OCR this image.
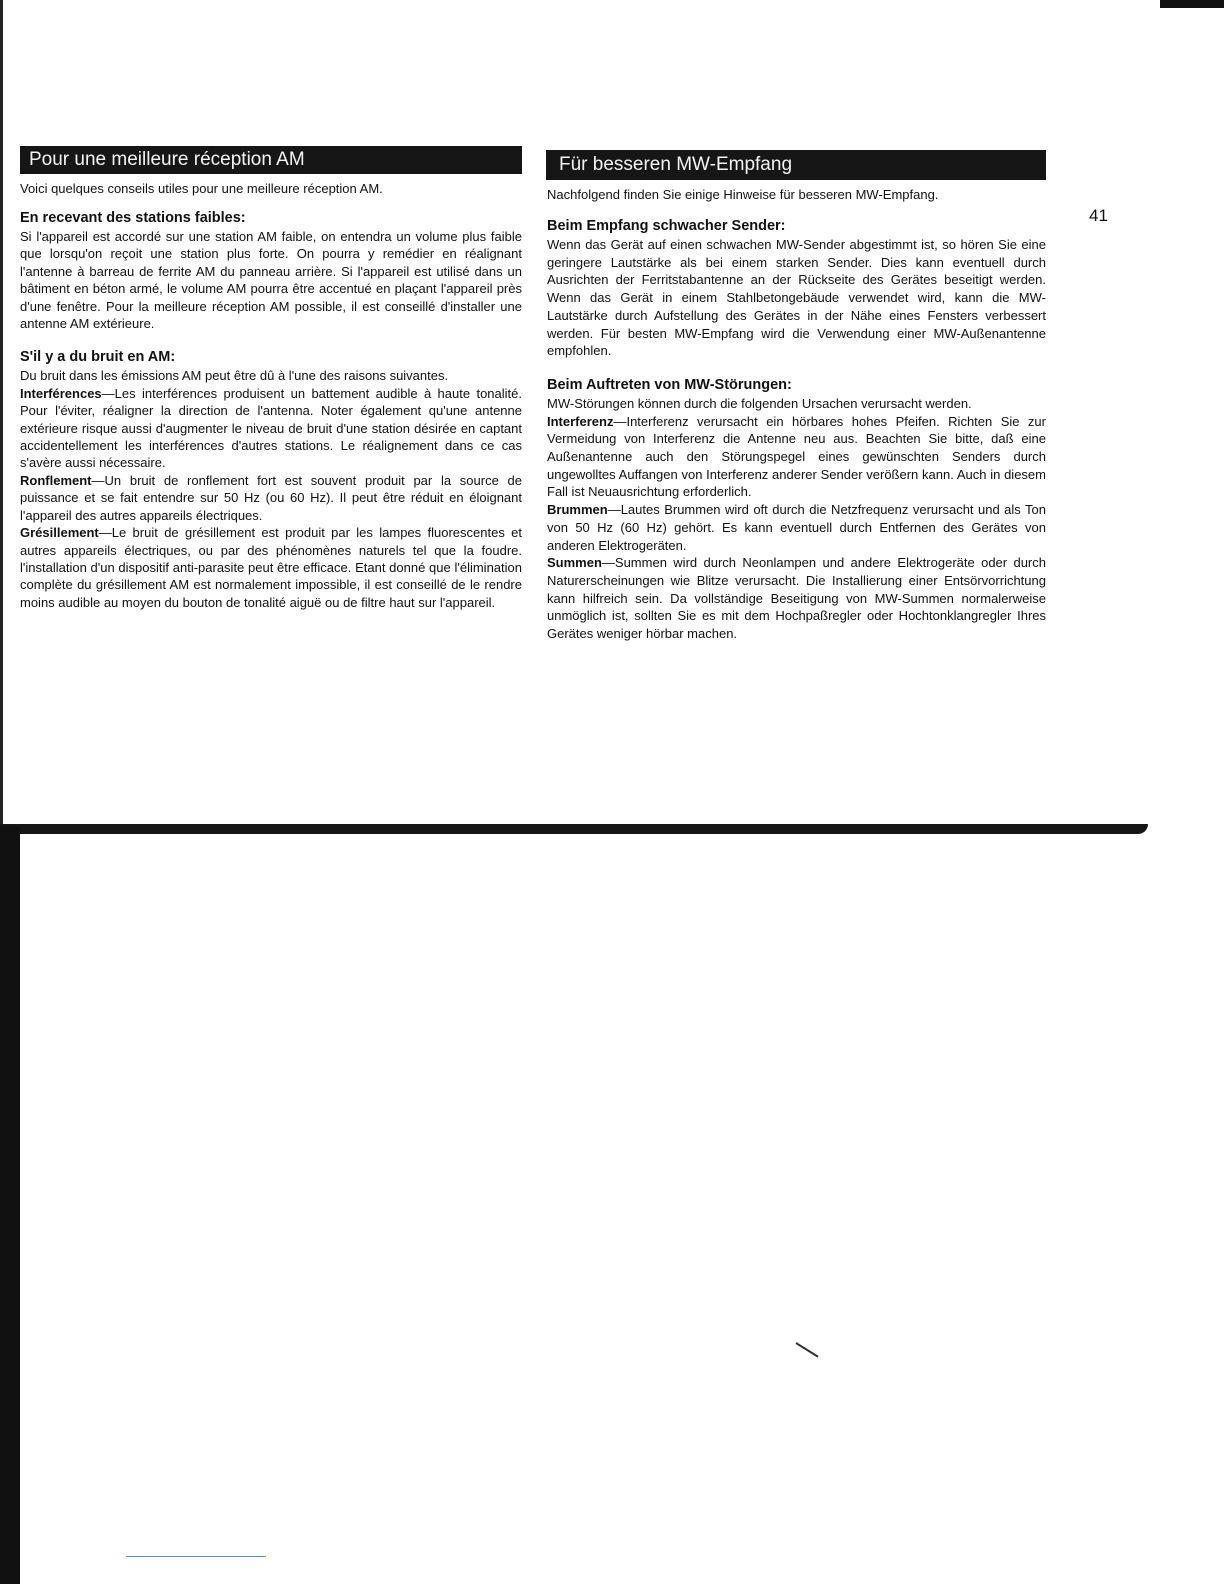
Pour une meilleure réception AM

Voici quelques conseils utiles pour une meilleure réception AM.

En recevant des stations faibles:

Si l'appareil est accordé sur une station AM faible, on entendra un volume plus faible que lorsqu'on reçoit une station plus forte. On pourra y remédier en réalignant l'antenne à barreau de ferrite AM du panneau arrière. Si l'appareil est utilisé dans un bâtiment en béton armé, le volume AM pourra être accentué en plaçant l'appareil près d'une fenêtre. Pour la meilleure réception AM possible, il est conseillé d'installer une antenne AM extérieure.

S'il y a du bruit en AM:

Du bruit dans les émissions AM peut être dû à l'une des raisons suivantes.

Interférences—Les interférences produisent un battement audible à haute tonalité. Pour l'éviter, réaligner la direction de l'antenna. Noter également qu'une antenne extérieure risque aussi d'augmenter le niveau de bruit d'une station désirée en captant accidentellement les interférences d'autres stations. Le réalignement dans ce cas s'avère aussi nécessaire.

Ronflement—Un bruit de ronflement fort est souvent produit par la source de puissance et se fait entendre sur 50 Hz (ou 60 Hz). Il peut être réduit en éloignant l'appareil des autres appareils électriques.

Grésillement—Le bruit de grésillement est produit par les lampes fluorescentes et autres appareils électriques, ou par des phénomènes naturels tel que la foudre. l'installation d'un dispositif anti-parasite peut être efficace. Etant donné que l'élimination complète du grésillement AM est normalement impossible, il est conseillé de le rendre moins audible au moyen du bouton de tonalité aiguë ou de filtre haut sur l'appareil.

Für besseren MW-Empfang

Nachfolgend finden Sie einige Hinweise für besseren MW-Empfang.

Beim Empfang schwacher Sender:

Wenn das Gerät auf einen schwachen MW-Sender abgestimmt ist, so hören Sie eine geringere Lautstärke als bei einem starken Sender. Dies kann eventuell durch Ausrichten der Ferritstabantenne an der Rückseite des Gerätes beseitigt werden. Wenn das Gerät in einem Stahlbetongebäude verwendet wird, kann die MW-Lautstärke durch Aufstellung des Gerätes in der Nähe eines Fensters verbessert werden. Für besten MW-Empfang wird die Verwendung einer MW-Außenantenne empfohlen.

Beim Auftreten von MW-Störungen:

MW-Störungen können durch die folgenden Ursachen verursacht werden.

Interferenz—Interferenz verursacht ein hörbares hohes Pfeifen. Richten Sie zur Vermeidung von Interferenz die Antenne neu aus. Beachten Sie bitte, daß eine Außenantenne auch den Störungspegel eines gewünschten Senders durch ungewolltes Auffangen von Interferenz anderer Sender verößern kann. Auch in diesem Fall ist Neuausrichtung erforderlich.

Brummen—Lautes Brummen wird oft durch die Netzfrequenz verursacht und als Ton von 50 Hz (60 Hz) gehört. Es kann eventuell durch Entfernen des Gerätes von anderen Elektrogeräten.

Summen—Summen wird durch Neonlampen und andere Elektrogeräte oder durch Naturerscheinungen wie Blitze verursacht. Die Installierung einer Entsörvorrichtung kann hilfreich sein. Da vollständige Beseitigung von MW-Summen normalerweise unmöglich ist, sollten Sie es mit dem Hochpaßregler oder Hochtonklangregler Ihres Gerätes weniger hörbar machen.

41
